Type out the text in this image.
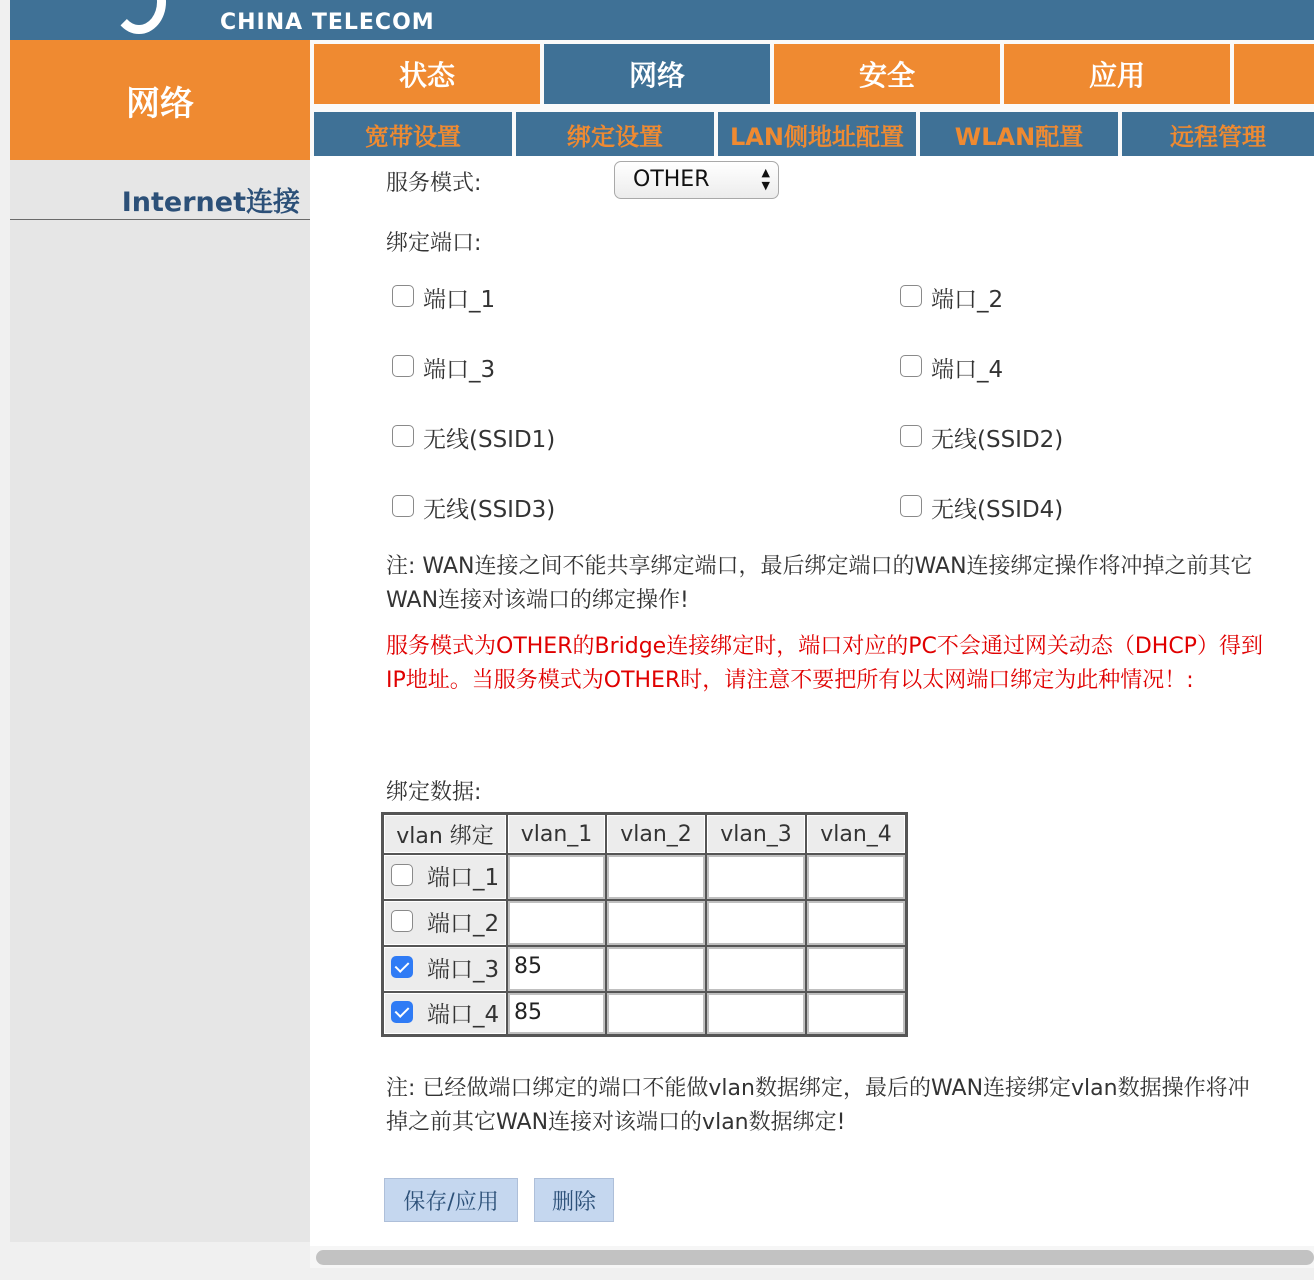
CHINA TELECOM
网络
Internet连接
状态	网络	安全	应用
宽带设置	绑定设置	LAN侧地址配置	WLAN配置	远程管理
服务模式:	OTHER	▲
▼
绑定端口:
端口_1	端口_2
端口_3	端口_4
无线(SSID1)	无线(SSID2)
无线(SSID3)	无线(SSID4)
注: WAN连接之间不能共享绑定端口，最后绑定端口的WAN连接绑定操作将冲掉之前其它WAN连接对该端口的绑定操作!
服务模式为OTHER的Bridge连接绑定时，端口对应的PC不会通过网关动态（DHCP）得到IP地址。当服务模式为OTHER时，请注意不要把所有以太网端口绑定为此种情况！:
绑定数据:
vlan 绑定	vlan_1	vlan_2	vlan_3	vlan_4
端口_1
端口_2
端口_3 85
端口_4 85
注: 已经做端口绑定的端口不能做vlan数据绑定，最后的WAN连接绑定vlan数据操作将冲掉之前其它WAN连接对该端口的vlan数据绑定!
保存/应用	删除
